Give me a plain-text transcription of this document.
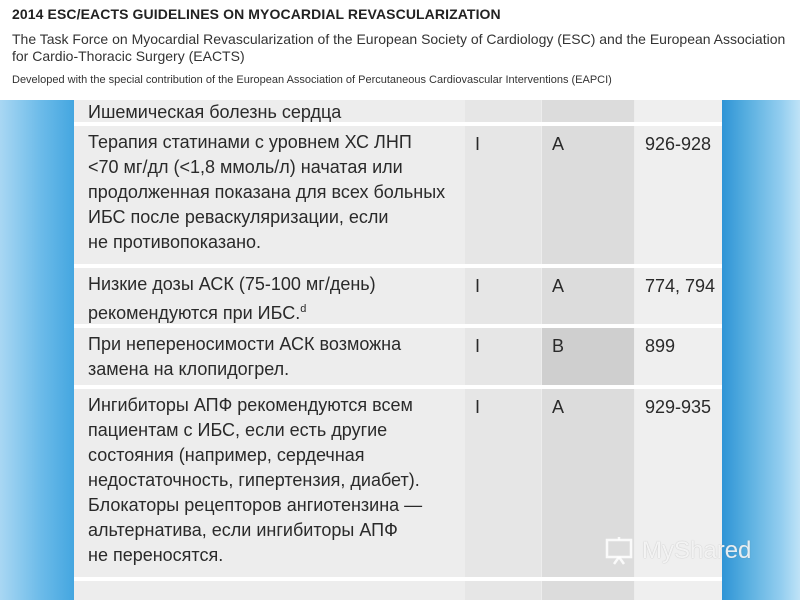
2014 ESC/EACTS GUIDELINES ON MYOCARDIAL REVASCULARIZATION
The Task Force on Myocardial Revascularization of the European Society of Cardiology (ESC) and the European Association
for Cardio-Thoracic Surgery (EACTS)
Developed with the special contribution of the European Association of Percutaneous Cardiovascular Interventions (EAPCI)
Ишемическая болезнь сердца
Терапия статинами с уровнем ХС ЛНП
<70 мг/дл (<1,8 ммоль/л) начатая или
продолженная показана для всех больных
ИБС после реваскуляризации, если
не противопоказано.
I	A	926-928
Низкие дозы АСК (75-100 мг/день)
рекомендуются при ИБС.$^d$
I	A	774, 794
При непереносимости АСК возможна
замена на клопидогрел.
I	B	899
Ингибиторы АПФ рекомендуются всем
пациентам с ИБС, если есть другие
состояния (например, сердечная
недостаточность, гипертензия, диабет).
Блокаторы рецепторов ангиотензина —
альтернатива, если ингибиторы АПФ
не переносятся.
I	A	929-935
MyShared
